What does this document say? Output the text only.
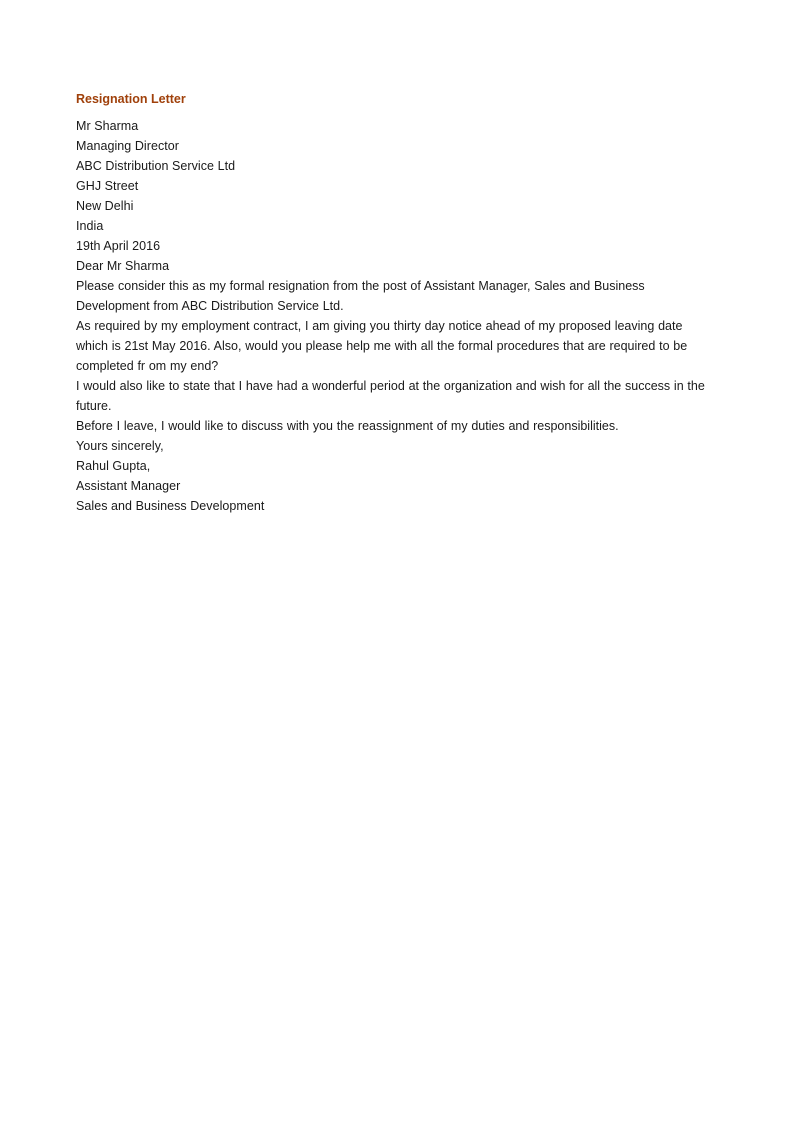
Resignation Letter
Mr Sharma
Managing Director
ABC Distribution Service Ltd
GHJ Street
New Delhi
India
19th April 2016
Dear Mr Sharma

Please consider this as my formal resignation from the post of Assistant Manager, Sales and Business Development from ABC Distribution Service Ltd.

As required by my employment contract, I am giving you thirty day notice ahead of my proposed leaving date which is 21st May 2016. Also, would you please help me with all the formal procedures that are required to be completed fr om my end?

I would also like to state that I have had a wonderful period at the organization and wish for all the success in the future.

Before I leave, I would like to discuss with you the reassignment of my duties and responsibilities.

Yours sincerely,
Rahul Gupta,
Assistant Manager
Sales and Business Development
